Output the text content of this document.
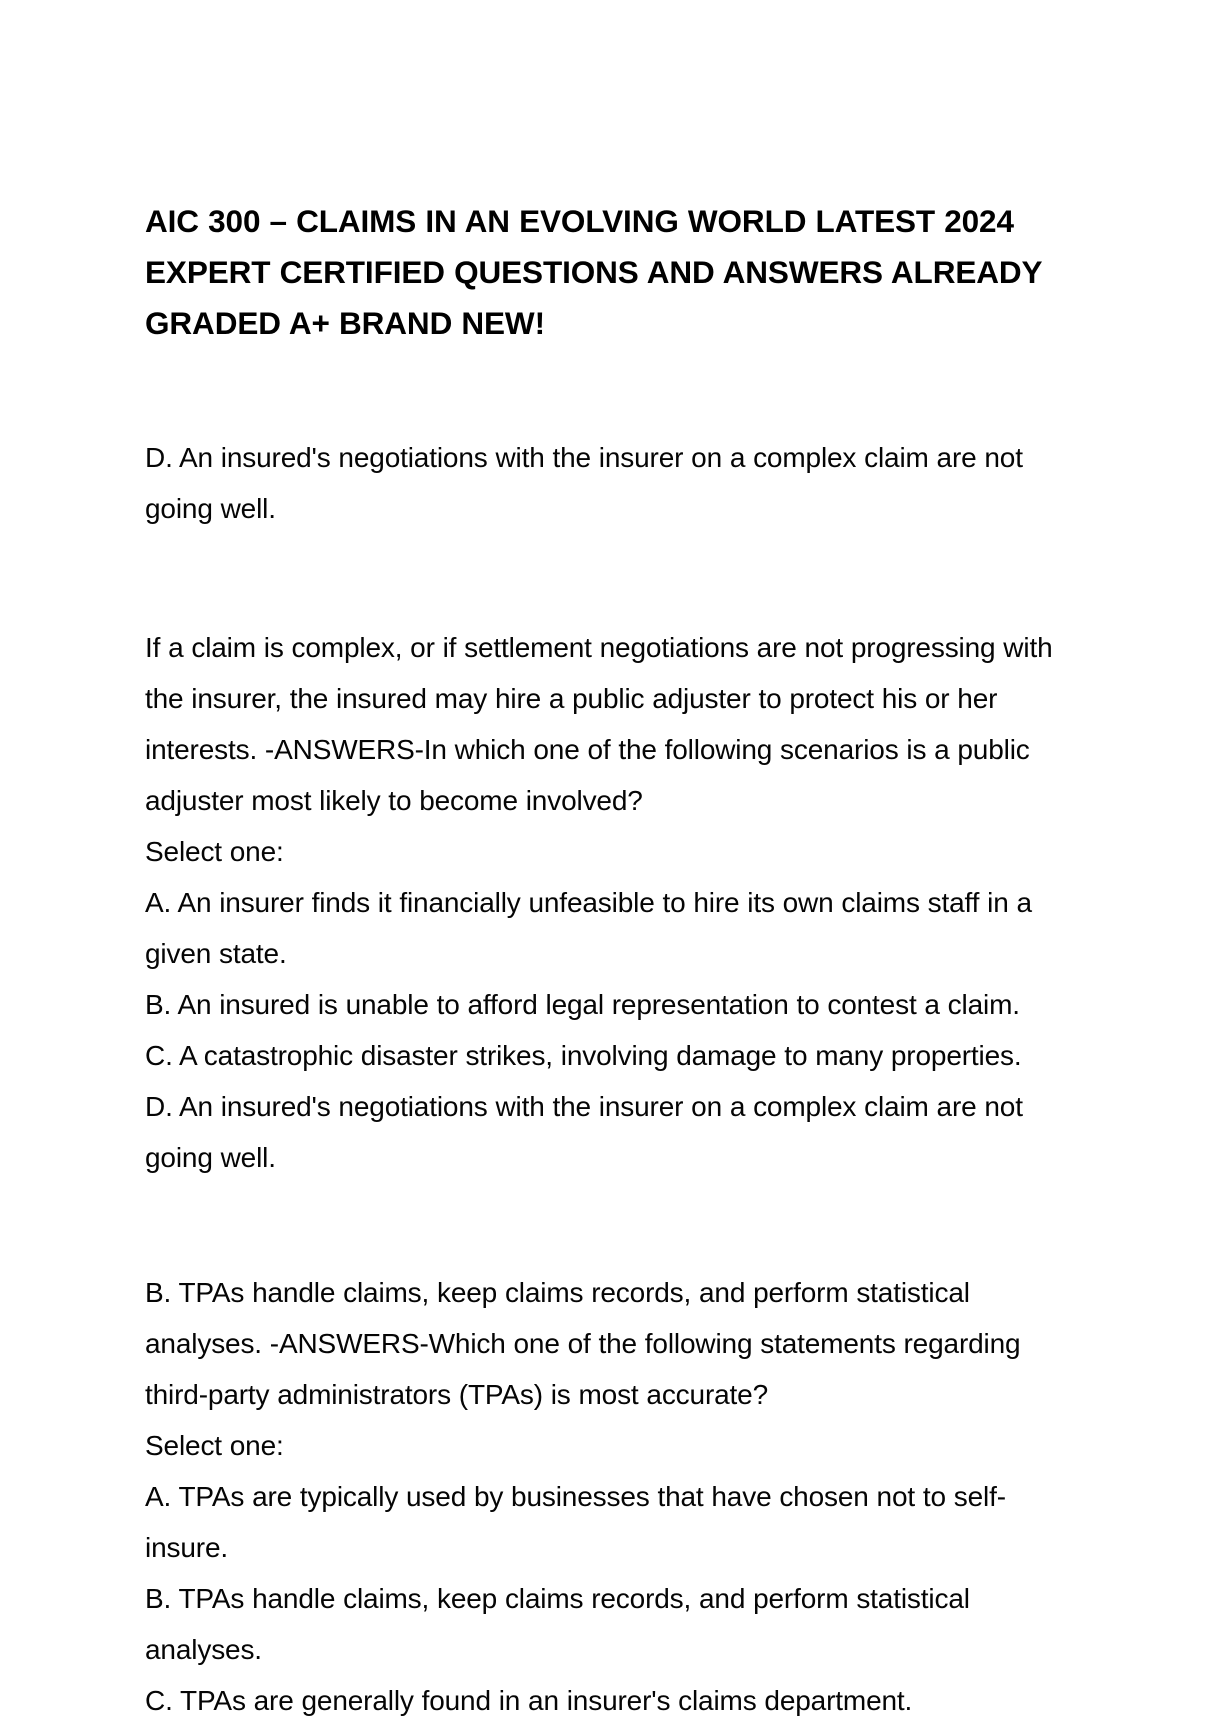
AIC 300 – CLAIMS IN AN EVOLVING WORLD LATEST 2024
EXPERT CERTIFIED QUESTIONS AND ANSWERS ALREADY
GRADED A+ BRAND NEW!

D. An insured's negotiations with the insurer on a complex claim are not going well.

If a claim is complex, or if settlement negotiations are not progressing with the insurer, the insured may hire a public adjuster to protect his or her interests. -ANSWERS-In which one of the following scenarios is a public adjuster most likely to become involved?

Select one:

A. An insurer finds it financially unfeasible to hire its own claims staff in a given state.

B. An insured is unable to afford legal representation to contest a claim.

C. A catastrophic disaster strikes, involving damage to many properties.

D. An insured's negotiations with the insurer on a complex claim are not going well.

B. TPAs handle claims, keep claims records, and perform statistical analyses. -ANSWERS-Which one of the following statements regarding third-party administrators (TPAs) is most accurate?

Select one:

A. TPAs are typically used by businesses that have chosen not to self-insure.

B. TPAs handle claims, keep claims records, and perform statistical analyses.

C. TPAs are generally found in an insurer's claims department.
